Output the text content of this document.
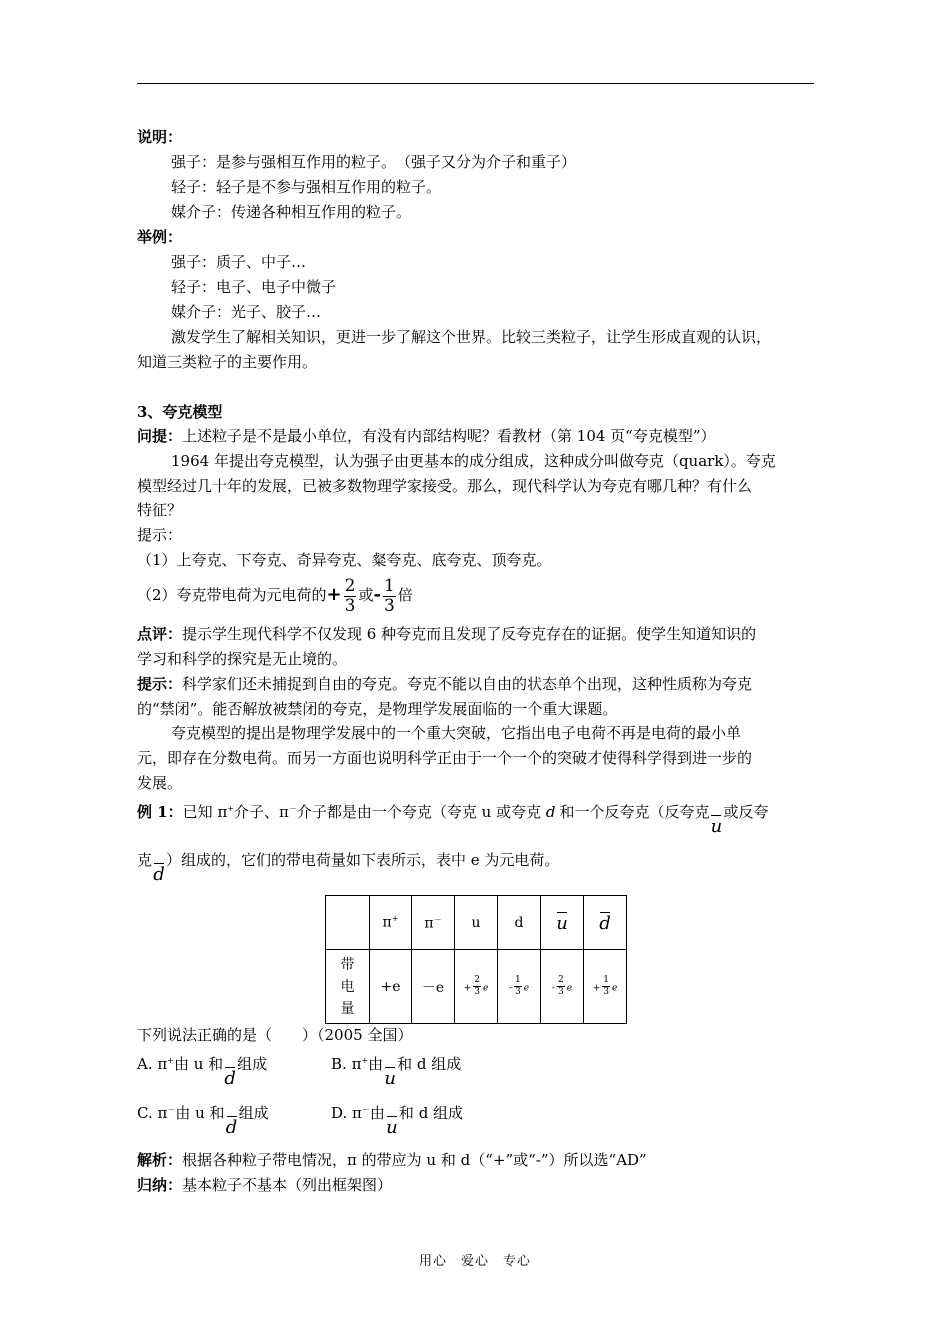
说明：
强子：是参与强相互作用的粒子。　（强子又分为介子和重子）
轻子：轻子是不参与强相互作用的粒子。
媒介子：传递各种相互作用的粒子。
举例：
强子：质子、中子…
轻子：电子、电子中微子
媒介子：光子、胶子…
激发学生了解相关知识，更进一步了解这个世界。比较三类粒子，让学生形成直观的认识，
知道三类粒子的主要作用。
3、夸克模型
问提：上述粒子是不是最小单位，有没有内部结构呢？看教材（第 104 页“夸克模型”）
1964 年提出夸克模型，认为强子由更基本的成分组成，这种成分叫做夸克（quark）。夸克
模型经过几十年的发展，已被多数物理学家接受。那么，现代科学认为夸克有哪几种？有什么
特征？
提示：
（1）上夸克、下夸克、奇异夸克、粲夸克、底夸克、顶夸克。
（2）夸克带电荷为元电荷的+ $\frac{2}{3}$ 或- $\frac{1}{3}$ 倍
点评：提示学生现代科学不仅发现 6 种夸克而且发现了反夸克存在的证据。使学生知道知识的
学习和科学的探究是无止境的。
提示：科学家们还未捕捉到自由的夸克。夸克不能以自由的状态单个出现，这种性质称为夸克
的“禁闭”。能否解放被禁闭的夸克，是物理学发展面临的一个重大课题。
夸克模型的提出是物理学发展中的一个重大突破，它指出电子电荷不再是电荷的最小单
元，即存在分数电荷。而另一方面也说明科学正由于一个一个的突破才使得科学得到进一步的
发展。
例 1：已知 π+介子、π－介子都是由一个夸克（夸克 u 或夸克 d 和一个反夸克（反夸克
u
或反夸
克
d
）组成的，它们的带电荷量如下表所示，表中 e 为元电荷。
	π+	π－	u	d	u	d

带
电
量	+e	－e	+ $\frac{2}{3}$ e	- $\frac{1}{3}$ e	- $\frac{2}{3}$ e	+ $\frac{1}{3}$ e
下列说法正确的是（　　）（2005 全国）
A. π+由 u 和
d
组成	B. π+由
u
和 d 组成
C. π－由 u 和
d
组成	D. π－由
u
和 d 组成
解析：根据各种粒子带电情况，π 的带应为 u 和 d（“+”或“-”）所以选“AD”
归纳：基本粒子不基本（列出框架图）
用心　爱心　专心
